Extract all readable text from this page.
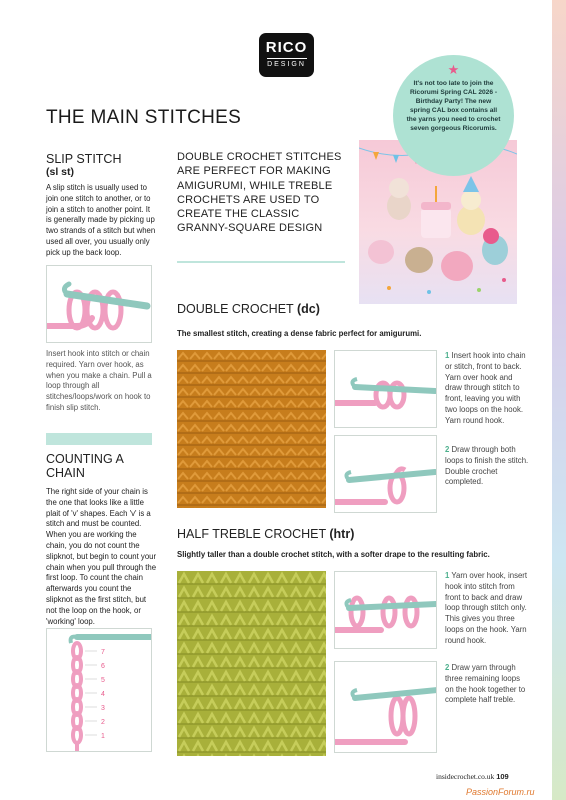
RICO
DESIGN
THE MAIN STITCHES
★
It's not too late to join the Ricorumi Spring CAL 2026 - Birthday Party! The new spring CAL box contains all the yarns you need to crochet seven gorgeous Ricorumis.
SLIP STITCH
(sl st)
A slip stitch is usually used to join one stitch to another, or to join a stitch to another point. It is generally made by picking up two strands of a stitch but when used all over, you usually only pick up the back loop.
Insert hook into stitch or chain required. Yarn over hook, as when you make a chain. Pull a loop through all stitches/loops/work on hook to finish slip stitch.
COUNTING A CHAIN
The right side of your chain is the one that looks like a little plait of 'v' shapes. Each 'v' is a stitch and must be counted. When you are working the chain, you do not count the slipknot, but begin to count your chain when you pull through the first loop. To count the chain afterwards you count the slipknot as the first stitch, but not the loop on the hook, or 'working' loop.
7
6
5
4
3
2
1
DOUBLE CROCHET STITCHES ARE PERFECT FOR MAKING AMIGURUMI, WHILE TREBLE CROCHETS ARE USED TO CREATE THE CLASSIC GRANNY-SQUARE DESIGN
DOUBLE CROCHET (dc)
The smallest stitch, creating a dense fabric perfect for amigurumi.
1 Insert hook into chain or stitch, front to back. Yarn over hook and draw through stitch to front, leaving you with two loops on the hook. Yarn round hook.
2 Draw through both loops to finish the stitch. Double crochet completed.
HALF TREBLE CROCHET (htr)
Slightly taller than a double crochet stitch, with a softer drape to the resulting fabric.
1 Yarn over hook, insert hook into stitch from front to back and draw loop through stitch only. This gives you three loops on the hook. Yarn round hook.
2 Draw yarn through three remaining loops on the hook together to complete half treble.
insidecrochet.co.uk 109
PassionForum.ru
